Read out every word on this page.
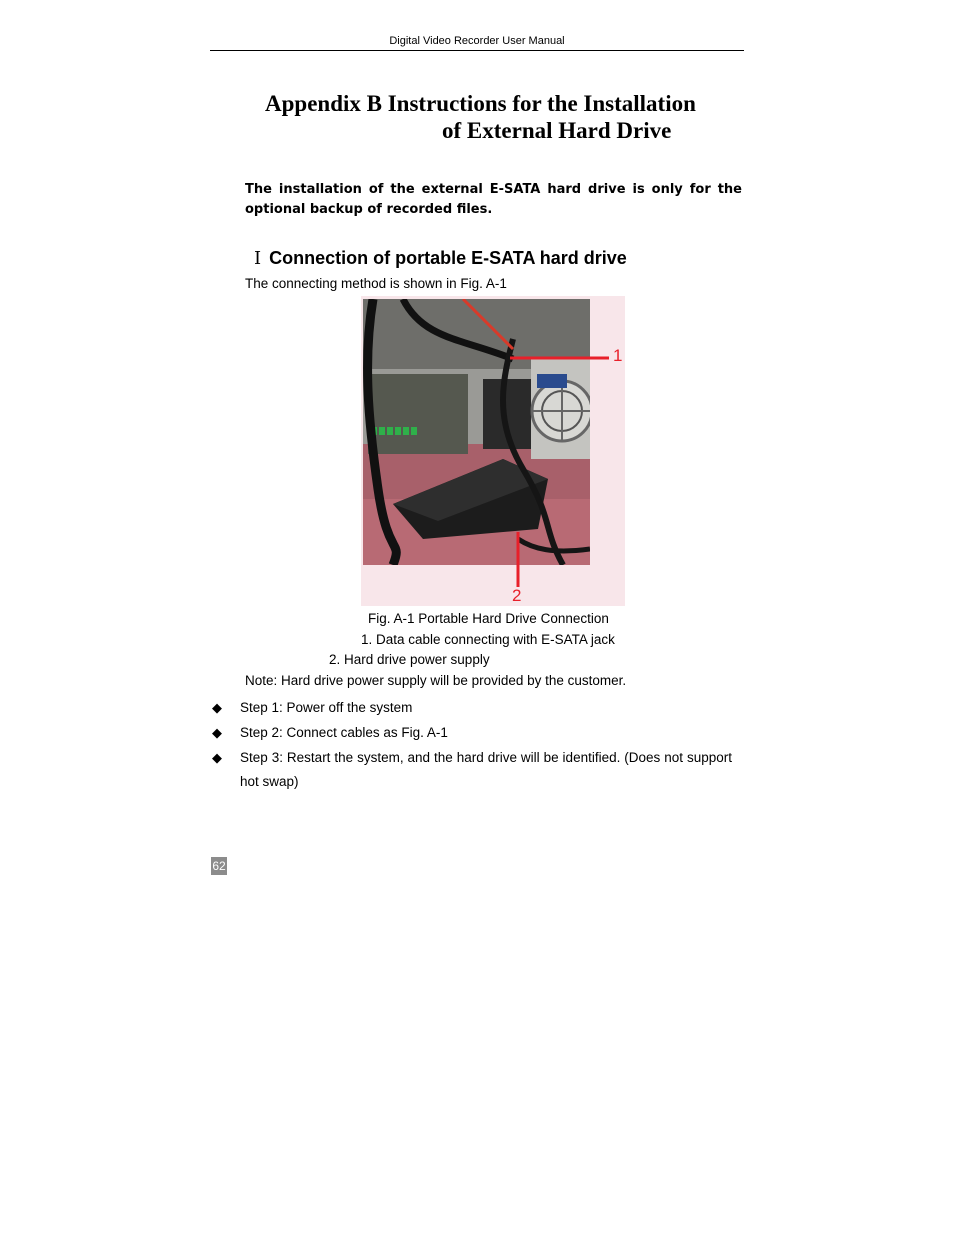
Digital Video Recorder User Manual
Appendix B Instructions for the Installation
of External Hard Drive
The installation of the external E-SATA hard drive is only for the optional backup of recorded files.
Ⅰ Connection of portable E-SATA hard drive
The connecting method is shown in Fig. A-1
1
2
Fig. A-1 Portable Hard Drive Connection
1. Data cable connecting with E-SATA jack
2. Hard drive power supply
Note: Hard drive power supply will be provided by the customer.
◆ Step 1: Power off the system
◆ Step 2: Connect cables as Fig. A-1
◆ Step 3: Restart the system, and the hard drive will be identified. (Does not support hot swap)
62
